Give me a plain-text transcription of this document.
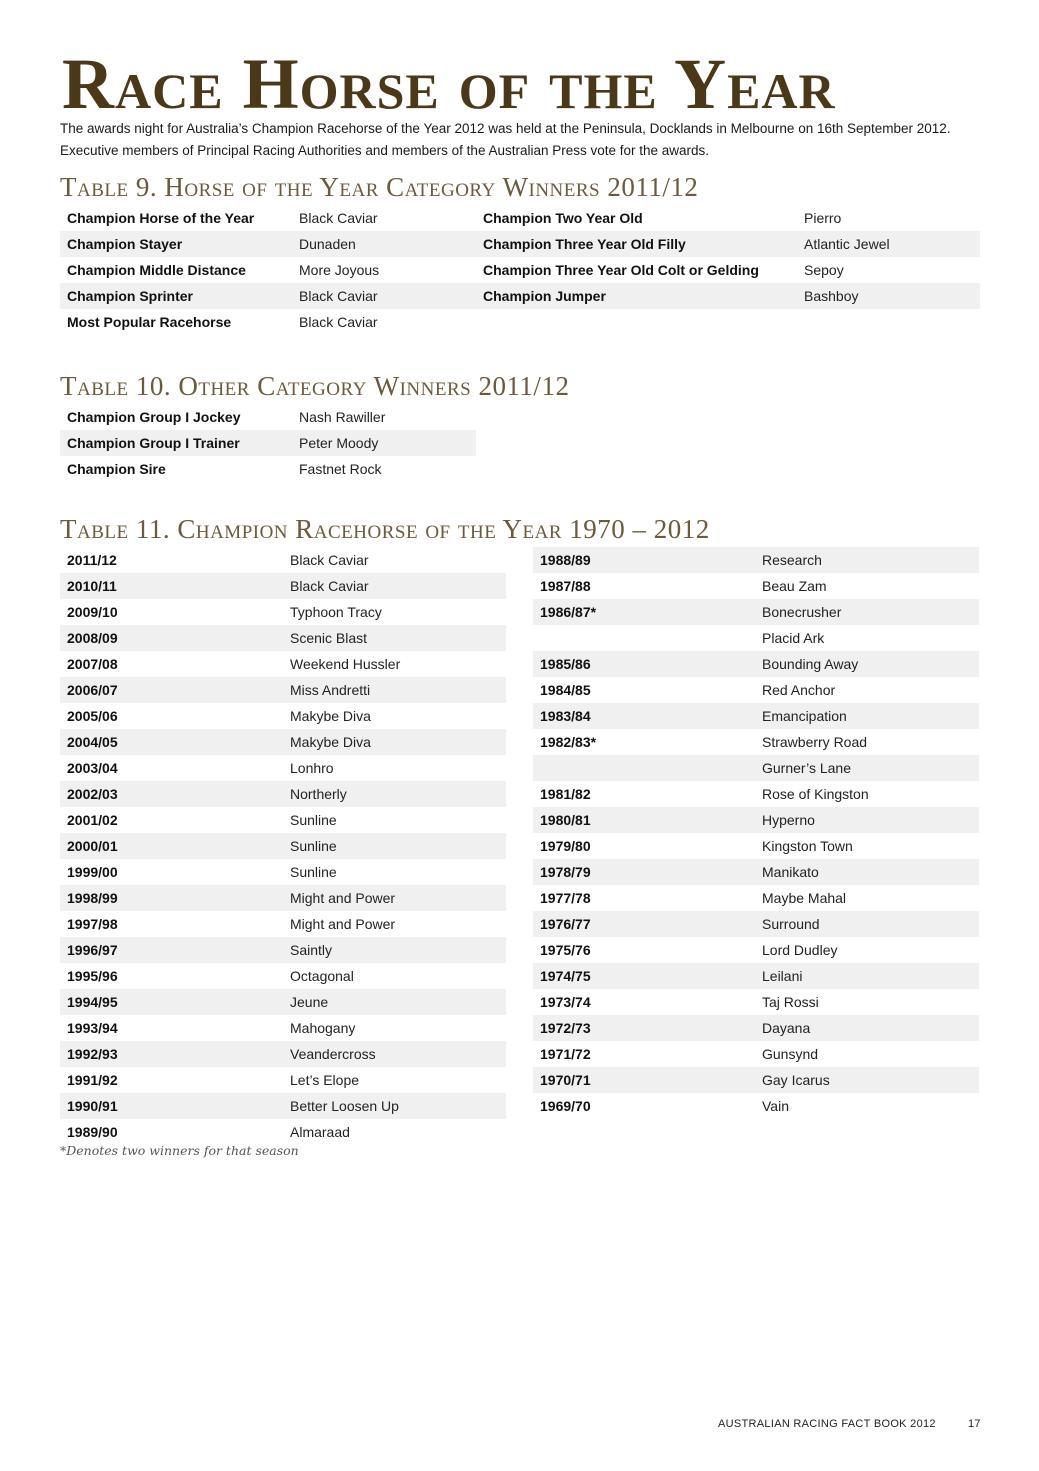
Race Horse of the Year

The awards night for Australia’s Champion Racehorse of the Year 2012 was held at the Peninsula, Docklands in Melbourne on 16th September 2012. Executive members of Principal Racing Authorities and members of the Australian Press vote for the awards.

Table 9. Horse of the Year Category Winners 2011/12
Champion Horse of the Year	Black Caviar
Champion Stayer	Dunaden
Champion Middle Distance	More Joyous
Champion Sprinter	Black Caviar
Most Popular Racehorse	Black Caviar
Champion Two Year Old	Pierro
Champion Three Year Old Filly	Atlantic Jewel
Champion Three Year Old Colt or Gelding	Sepoy
Champion Jumper	Bashboy
Table 10. Other Category Winners 2011/12
Champion Group I Jockey	Nash Rawiller
Champion Group I Trainer	Peter Moody
Champion Sire	Fastnet Rock
Table 11. Champion Racehorse of the Year 1970 – 2012
2011/12	Black Caviar
2010/11	Black Caviar
2009/10	Typhoon Tracy
2008/09	Scenic Blast
2007/08	Weekend Hussler
2006/07	Miss Andretti
2005/06	Makybe Diva
2004/05	Makybe Diva
2003/04	Lonhro
2002/03	Northerly
2001/02	Sunline
2000/01	Sunline
1999/00	Sunline
1998/99	Might and Power
1997/98	Might and Power
1996/97	Saintly
1995/96	Octagonal
1994/95	Jeune
1993/94	Mahogany
1992/93	Veandercross
1991/92	Let’s Elope
1990/91	Better Loosen Up
1989/90	Almaraad
1988/89	Research
1987/88	Beau Zam
1986/87*	Bonecrusher
Placid Ark
1985/86	Bounding Away
1984/85	Red Anchor
1983/84	Emancipation
1982/83*	Strawberry Road
Gurner’s Lane
1981/82	Rose of Kingston
1980/81	Hyperno
1979/80	Kingston Town
1978/79	Manikato
1977/78	Maybe Mahal
1976/77	Surround
1975/76	Lord Dudley
1974/75	Leilani
1973/74	Taj Rossi
1972/73	Dayana
1971/72	Gunsynd
1970/71	Gay Icarus
1969/70	Vain

*Denotes two winners for that season

AUSTRALIAN RACING FACT BOOK 2012	17
